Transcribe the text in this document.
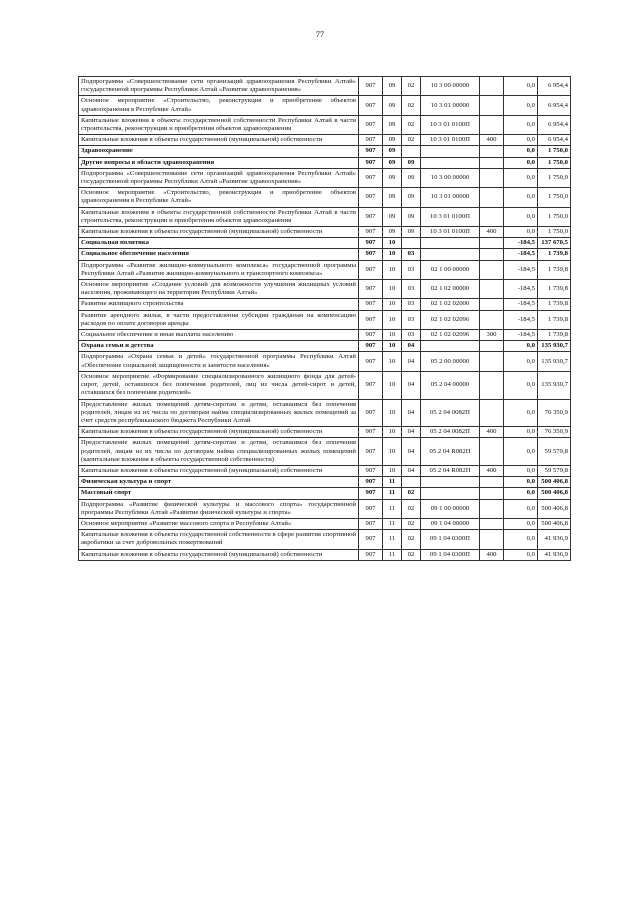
77
Подпрограмма «Совершенствование сети организаций здравоохранения Республики Алтай» государственной программы Республики Алтай «Развитие здравоохранения»	907	09	02	10 3 00 00000		0,0	6 954,4
Основное мероприятие «Строительство, реконструкция и приобретение объектов здравоохранения в Республике Алтай»	907	09	02	10 3 01 00000		0,0	6 954,4
Капитальные вложения в объекты государственной собственности Республики Алтай в части строительства, реконструкции и приобретения объектов здравоохранения	907	09	02	10 3 01 0100П		0,0	6 954,4
Капитальные вложения в объекты государственной (муниципальной) собственности	907	09	02	10 3 01 0100П	400	0,0	6 954,4
Здравоохранение	907	09				0,0	1 750,0
Другие вопросы в области здравоохранения	907	09	09			0,0	1 750,0
Подпрограмма «Совершенствование сети организаций здравоохранения Республики Алтай» государственной программы Республики Алтай «Развитие здравоохранения»	907	09	09	10 3 00 00000		0,0	1 750,0
Основное мероприятие «Строительство, реконструкция и приобретение объектов здравоохранения в Республике Алтай»	907	09	09	10 3 01 00000		0,0	1 750,0
Капитальные вложения в объекты государственной собственности Республики Алтай в части строительства, реконструкции и приобретения объектов здравоохранения	907	09	09	10 3 01 0100П		0,0	1 750,0
Капитальные вложения в объекты государственной (муниципальной) собственности	907	09	09	10 3 01 0100П	400	0,0	1 750,0
Социальная политика	907	10				-184,5	137 670,5
Социальное обеспечение населения	907	10	03			-184,5	1 739,8
Подпрограмма «Развитие жилищно-коммунального комплекса» государственной программы Республики Алтай «Развитие жилищно-коммунального и транспортного комплекса»	907	10	03	02 1 00 00000		-184,5	1 739,8
Основное мероприятие «Создание условий для возможности улучшения жилищных условий населения, проживающего на территории Республики Алтай»	907	10	03	02 1 02 00000		-184,5	1 739,8
Развитие жилищного строительства	907	10	03	02 1 02 02000		-184,5	1 739,8
Развитие арендного жилья, в части предоставления субсидии гражданам на компенсацию расходов по оплате договоров аренды	907	10	03	02 1 02 02096		-184,5	1 739,8
Социальное обеспечение и иные выплаты населению	907	10	03	02 1 02 02096	300	-184,5	1 739,8
Охрана семьи и детства	907	10	04			0,0	135 930,7
Подпрограмма «Охрана семьи и детей» государственной программы Республики Алтай «Обеспечение социальной защищенности и занятости населения»	907	10	04	05 2 00 00000		0,0	135 930,7
Основное мероприятие «Формирование специализированного жилищного фонда для детей-сирот, детей, оставшихся без попечения родителей, лиц из числа детей-сирот и детей, оставшихся без попечения родителей»	907	10	04	05 2 04 00000		0,0	135 930,7
Предоставление жилых помещений детям-сиротам и детям, оставшимся без попечения родителей, лицам из их числа по договорам найма специализированных жилых помещений за счет средств республиканского бюджета Республики Алтай	907	10	04	05 2 04 0082П		0,0	76 350,9
Капитальные вложения в объекты государственной (муниципальной) собственности	907	10	04	05 2 04 0082П	400	0,0	76 350,9
Предоставление жилых помещений детям-сиротам и детям, оставшимся без попечения родителей, лицам из их числа по договорам найма специализированных жилых помещений (капитальные вложения в объекты государственной собственности)	907	10	04	05 2 04 R082П		0,0	59 579,8
Капитальные вложения в объекты государственной (муниципальной) собственности	907	10	04	05 2 04 R082П	400	0,0	59 579,8
Физическая культура и спорт	907	11				0,0	500 406,8
Массовый спорт	907	11	02			0,0	500 406,8
Подпрограмма «Развитие физической культуры и массового спорта» государственной программы Республики Алтай «Развитие физической культуры и спорта»	907	11	02	09 1 00 00000		0,0	500 406,8
Основное мероприятие «Развитие массового спорта в Республике Алтай»	907	11	02	09 1 04 00000		0,0	500 406,8
Капитальные вложения в объекты государственной собственности в сфере развития спортивной акробатики за счет добровольных пожертвований	907	11	02	09 1 04 0300П		0,0	41 936,9
Капитальные вложения в объекты государственной (муниципальной) собственности	907	11	02	09 1 04 0300П	400	0,0	41 936,9
